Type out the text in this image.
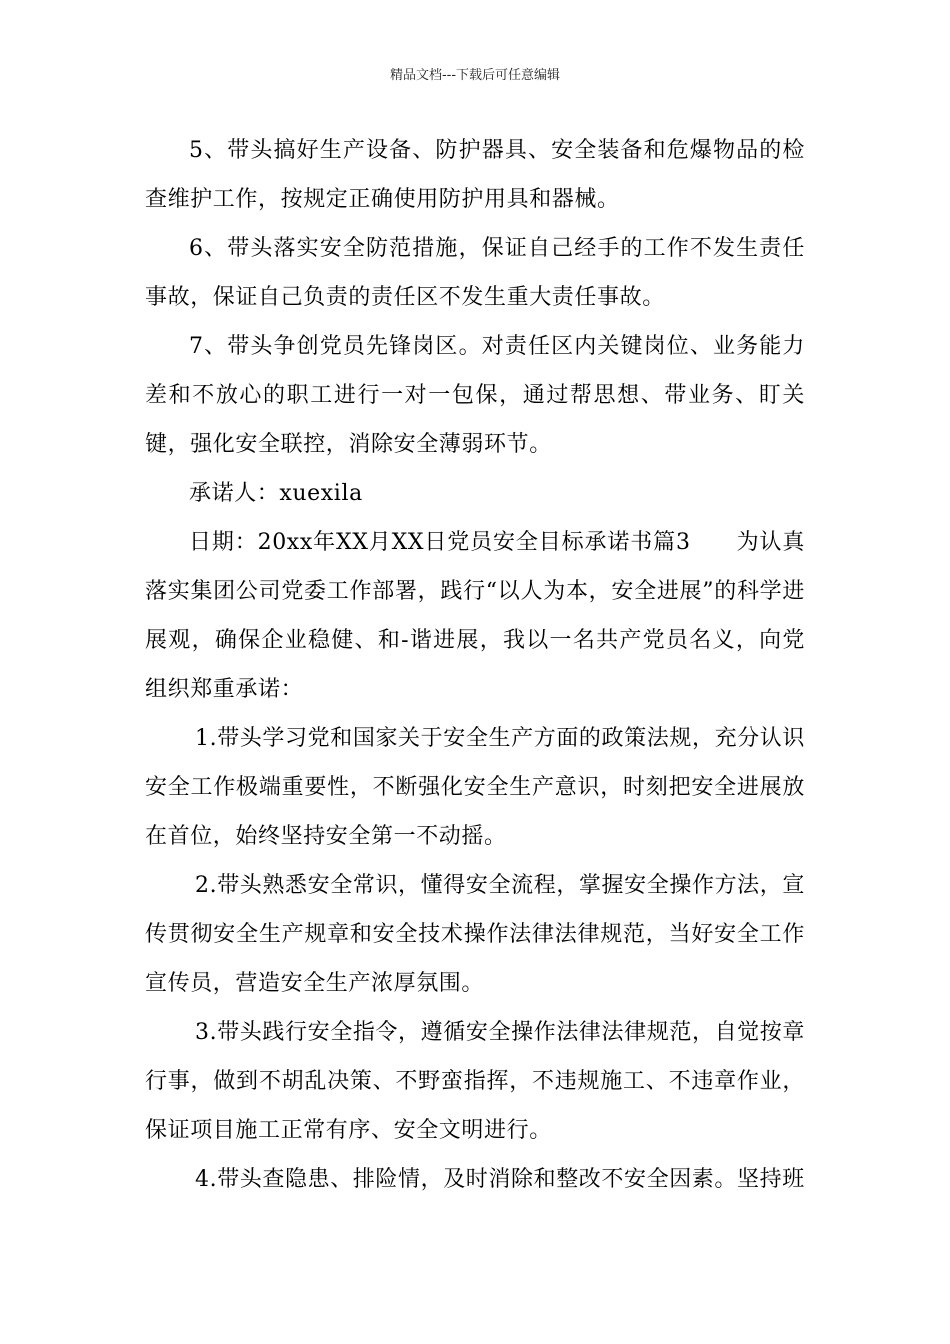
精品文档---下载后可任意编辑

5、带头搞好生产设备、防护器具、安全装备和危爆物品的检查维护工作，按规定正确使用防护用具和器械。

6、带头落实安全防范措施，保证自己经手的工作不发生责任事故，保证自己负责的责任区不发生重大责任事故。

7、带头争创党员先锋岗区。对责任区内关键岗位、业务能力差和不放心的职工进行一对一包保，通过帮思想、带业务、盯关键，强化安全联控，消除安全薄弱环节。

承诺人：xuexila

日期：20xx年XX月XX日党员安全目标承诺书篇3　　为认真落实集团公司党委工作部署，践行“以人为本，安全进展”的科学进展观，确保企业稳健、和-谐进展，我以一名共产党员名义，向党组织郑重承诺：

1.带头学习党和国家关于安全生产方面的政策法规，充分认识安全工作极端重要性，不断强化安全生产意识，时刻把安全进展放在首位，始终坚持安全第一不动摇。

2.带头熟悉安全常识，懂得安全流程，掌握安全操作方法，宣传贯彻安全生产规章和安全技术操作法律法律规范，当好安全工作宣传员，营造安全生产浓厚氛围。

3.带头践行安全指令，遵循安全操作法律法律规范，自觉按章行事，做到不胡乱决策、不野蛮指挥，不违规施工、不违章作业，保证项目施工正常有序、安全文明进行。

4.带头查隐患、排险情，及时消除和整改不安全因素。坚持班
